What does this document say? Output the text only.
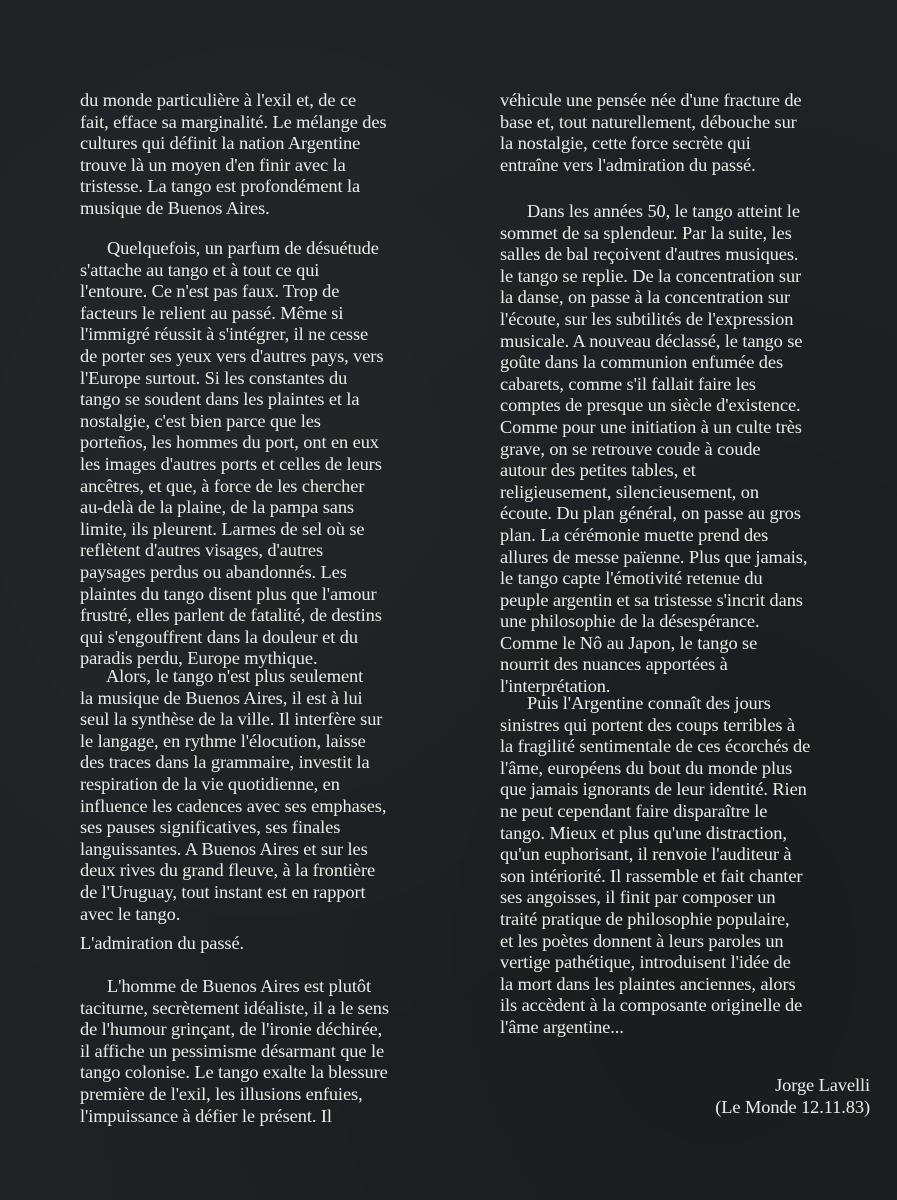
du monde particulière à l'exil et, de ce
fait, efface sa marginalité. Le mélange des
cultures qui définit la nation Argentine
trouve là un moyen d'en finir avec la
tristesse. La tango est profondément la
musique de Buenos Aires.
Quelquefois, un parfum de désuétude
s'attache au tango et à tout ce qui
l'entoure. Ce n'est pas faux. Trop de
facteurs le relient au passé. Même si
l'immigré réussit à s'intégrer, il ne cesse
de porter ses yeux vers d'autres pays, vers
l'Europe surtout. Si les constantes du
tango se soudent dans les plaintes et la
nostalgie, c'est bien parce que les
porteños, les hommes du port, ont en eux
les images d'autres ports et celles de leurs
ancêtres, et que, à force de les chercher
au-delà de la plaine, de la pampa sans
limite, ils pleurent. Larmes de sel où se
reflètent d'autres visages, d'autres
paysages perdus ou abandonnés. Les
plaintes du tango disent plus que l'amour
frustré, elles parlent de fatalité, de destins
qui s'engouffrent dans la douleur et du
paradis perdu, Europe mythique.
Alors, le tango n'est plus seulement
la musique de Buenos Aires, il est à lui
seul la synthèse de la ville. Il interfère sur
le langage, en rythme l'élocution, laisse
des traces dans la grammaire, investit la
respiration de la vie quotidienne, en
influence les cadences avec ses emphases,
ses pauses significatives, ses finales
languissantes. A Buenos Aires et sur les
deux rives du grand fleuve, à la frontière
de l'Uruguay, tout instant est en rapport
avec le tango.
L'admiration du passé.
L'homme de Buenos Aires est plutôt
taciturne, secrètement idéaliste, il a le sens
de l'humour grinçant, de l'ironie déchirée,
il affiche un pessimisme désarmant que le
tango colonise. Le tango exalte la blessure
première de l'exil, les illusions enfuies,
l'impuissance à défier le présent. Il
Jorge Lavelli
(Le Monde 12.11.83)
véhicule une pensée née d'une fracture de
base et, tout naturellement, débouche sur
la nostalgie, cette force secrète qui
entraîne vers l'admiration du passé.
Dans les années 50, le tango atteint le
sommet de sa splendeur. Par la suite, les
salles de bal reçoivent d'autres musiques.
le tango se replie. De la concentration sur
la danse, on passe à la concentration sur
l'écoute, sur les subtilités de l'expression
musicale. A nouveau déclassé, le tango se
goûte dans la communion enfumée des
cabarets, comme s'il fallait faire les
comptes de presque un siècle d'existence.
Comme pour une initiation à un culte très
grave, on se retrouve coude à coude
autour des petites tables, et
religieusement, silencieusement, on
écoute. Du plan général, on passe au gros
plan. La cérémonie muette prend des
allures de messe païenne. Plus que jamais,
le tango capte l'émotivité retenue du
peuple argentin et sa tristesse s'incrit dans
une philosophie de la désespérance.
Comme le Nô au Japon, le tango se
nourrit des nuances apportées à
l'interprétation.
Puis l'Argentine connaît des jours
sinistres qui portent des coups terribles à
la fragilité sentimentale de ces écorchés de
l'âme, européens du bout du monde plus
que jamais ignorants de leur identité. Rien
ne peut cependant faire disparaître le
tango. Mieux et plus qu'une distraction,
qu'un euphorisant, il renvoie l'auditeur à
son intériorité. Il rassemble et fait chanter
ses angoisses, il finit par composer un
traité pratique de philosophie populaire,
et les poètes donnent à leurs paroles un
vertige pathétique, introduisent l'idée de
la mort dans les plaintes anciennes, alors
ils accèdent à la composante originelle de
l'âme argentine...
